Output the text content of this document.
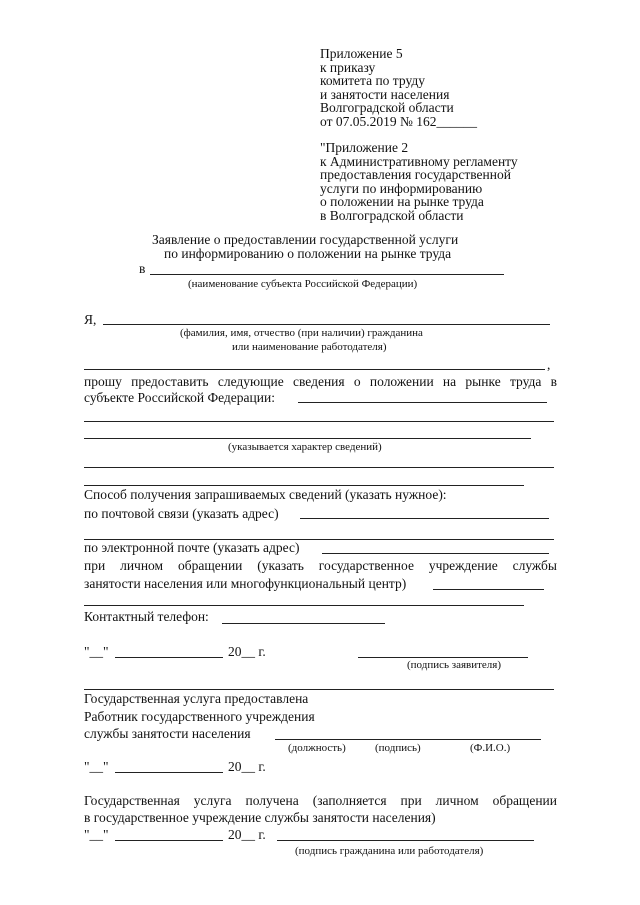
Приложение 5
к приказу
комитета по труду
и занятости населения
Волгоградской области
от 07.05.2019 № 162______
"Приложение 2
к Административному регламенту
предоставления государственной
услуги по информированию
о положении на рынке труда
в Волгоградской области
Заявление о предоставлении государственной услуги
по информированию о положении на рынке труда
в
(наименование субъекта Российской Федерации)
Я,
(фамилия, имя, отчество (при наличии) гражданина
или наименование работодателя)
,
прошу предоставить следующие сведения о положении на рынке труда в
субъекте Российской Федерации:
(указывается характер сведений)
Способ получения запрашиваемых сведений (указать нужное):
по почтовой связи (указать адрес)
по электронной почте (указать адрес)
при личном обращении (указать государственное учреждение службы
занятости населения или многофункциональный центр)
Контактный телефон:
"__"	20__ г.
(подпись заявителя)
Государственная услуга предоставлена
Работник государственного учреждения
службы занятости населения
(должность)	(подпись)	(Ф.И.О.)
"__"	20__ г.
Государственная услуга получена (заполняется при личном обращении
в государственное учреждение службы занятости населения)
"__"	20__ г.
(подпись гражданина или работодателя)
